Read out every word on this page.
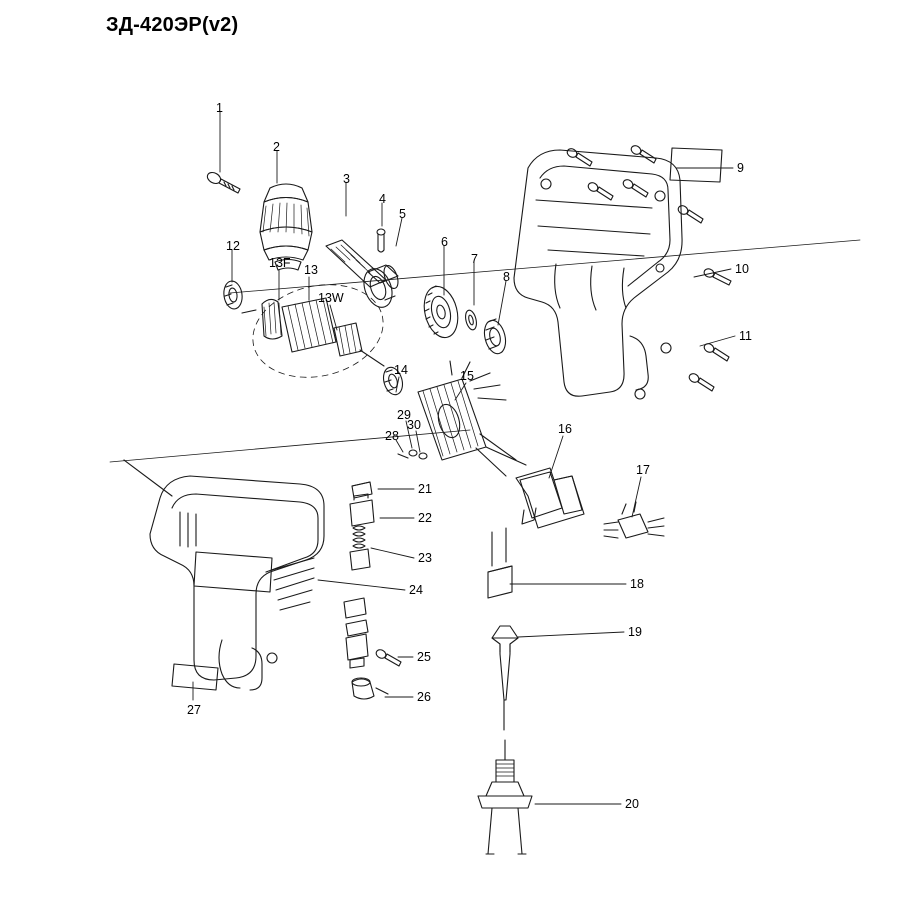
ЗД-420ЭР(v2)
1
2
3
4
5
6
7
8
9
10
11
12
13F 13
13W
14	15
16
17
18
19
20
21
22
23
24
25
26
27
28
29
30
